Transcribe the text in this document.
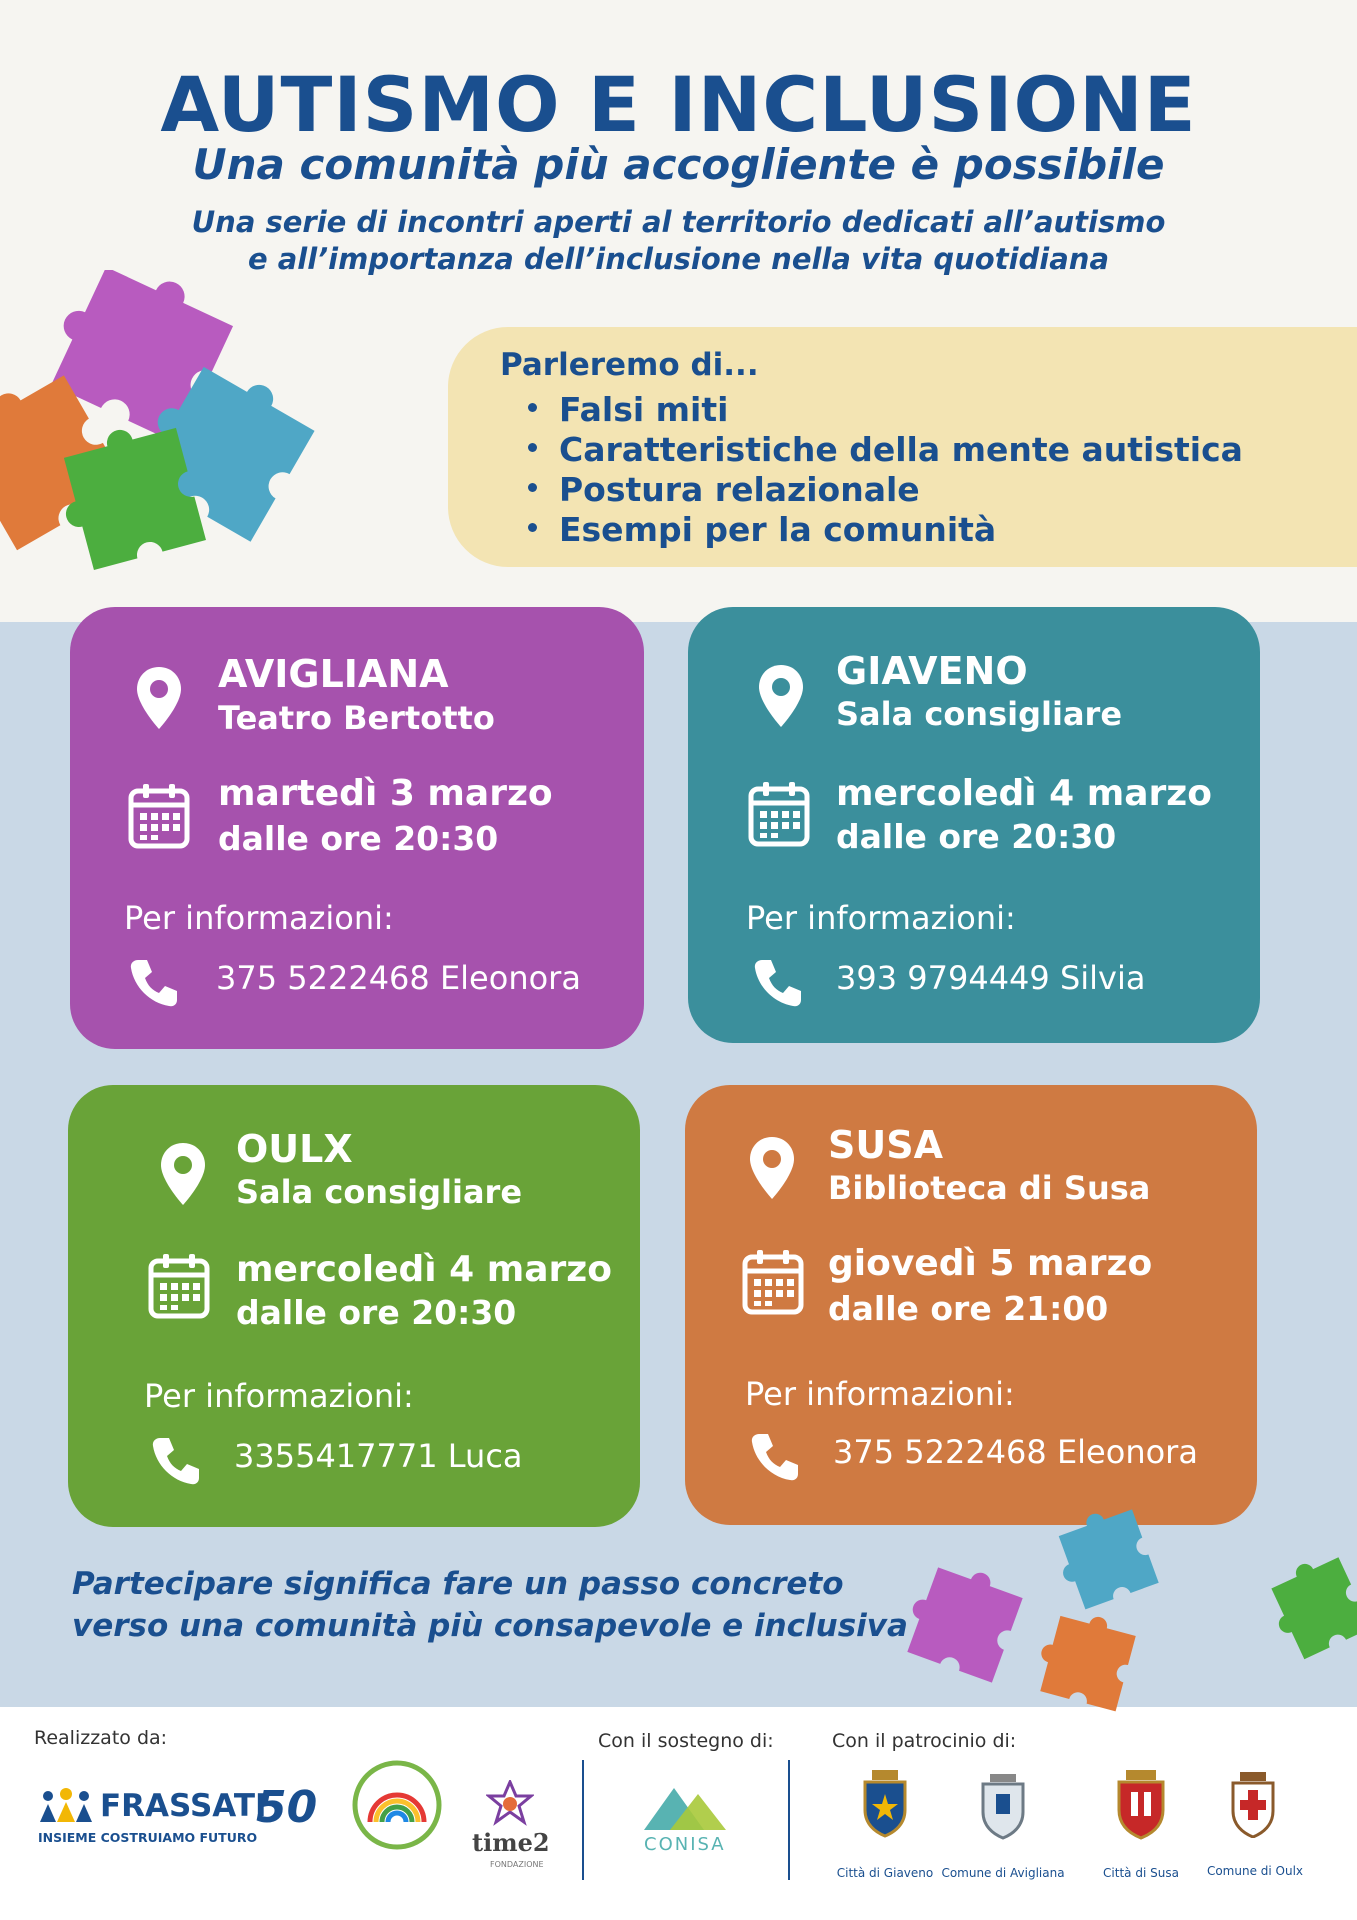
AUTISMO E INCLUSIONE
Una comunità più accogliente è possibile
Una serie di incontri aperti al territorio dedicati all’autismo
e all’importanza dell’inclusione nella vita quotidiana
Parleremo di...
Falsi miti
Caratteristiche della mente autistica
Postura relazionale
Esempi per la comunità
AVIGLIANA
Teatro Bertotto
martedì 3 marzo
dalle ore 20:30
Per informazioni:
375 5222468 Eleonora
GIAVENO
Sala consigliare
mercoledì 4 marzo
dalle ore 20:30
Per informazioni:
393 9794449 Silvia
OULX
Sala consigliare
mercoledì 4 marzo
dalle ore 20:30
Per informazioni:
3355417771 Luca
SUSA
Biblioteca di Susa
giovedì 5 marzo
dalle ore 21:00
Per informazioni:
375 5222468 Eleonora
Partecipare significa fare un passo concreto
verso una comunità più consapevole e inclusiva
Realizzato da:	Con il sostegno di:	Con il patrocinio di:
FRASSATI
50
INSIEME COSTRUIAMO FUTURO	time2
FONDAZIONE
CONISA
Città di Giaveno Comune di Avigliana	Città di Susa	Comune di Oulx
